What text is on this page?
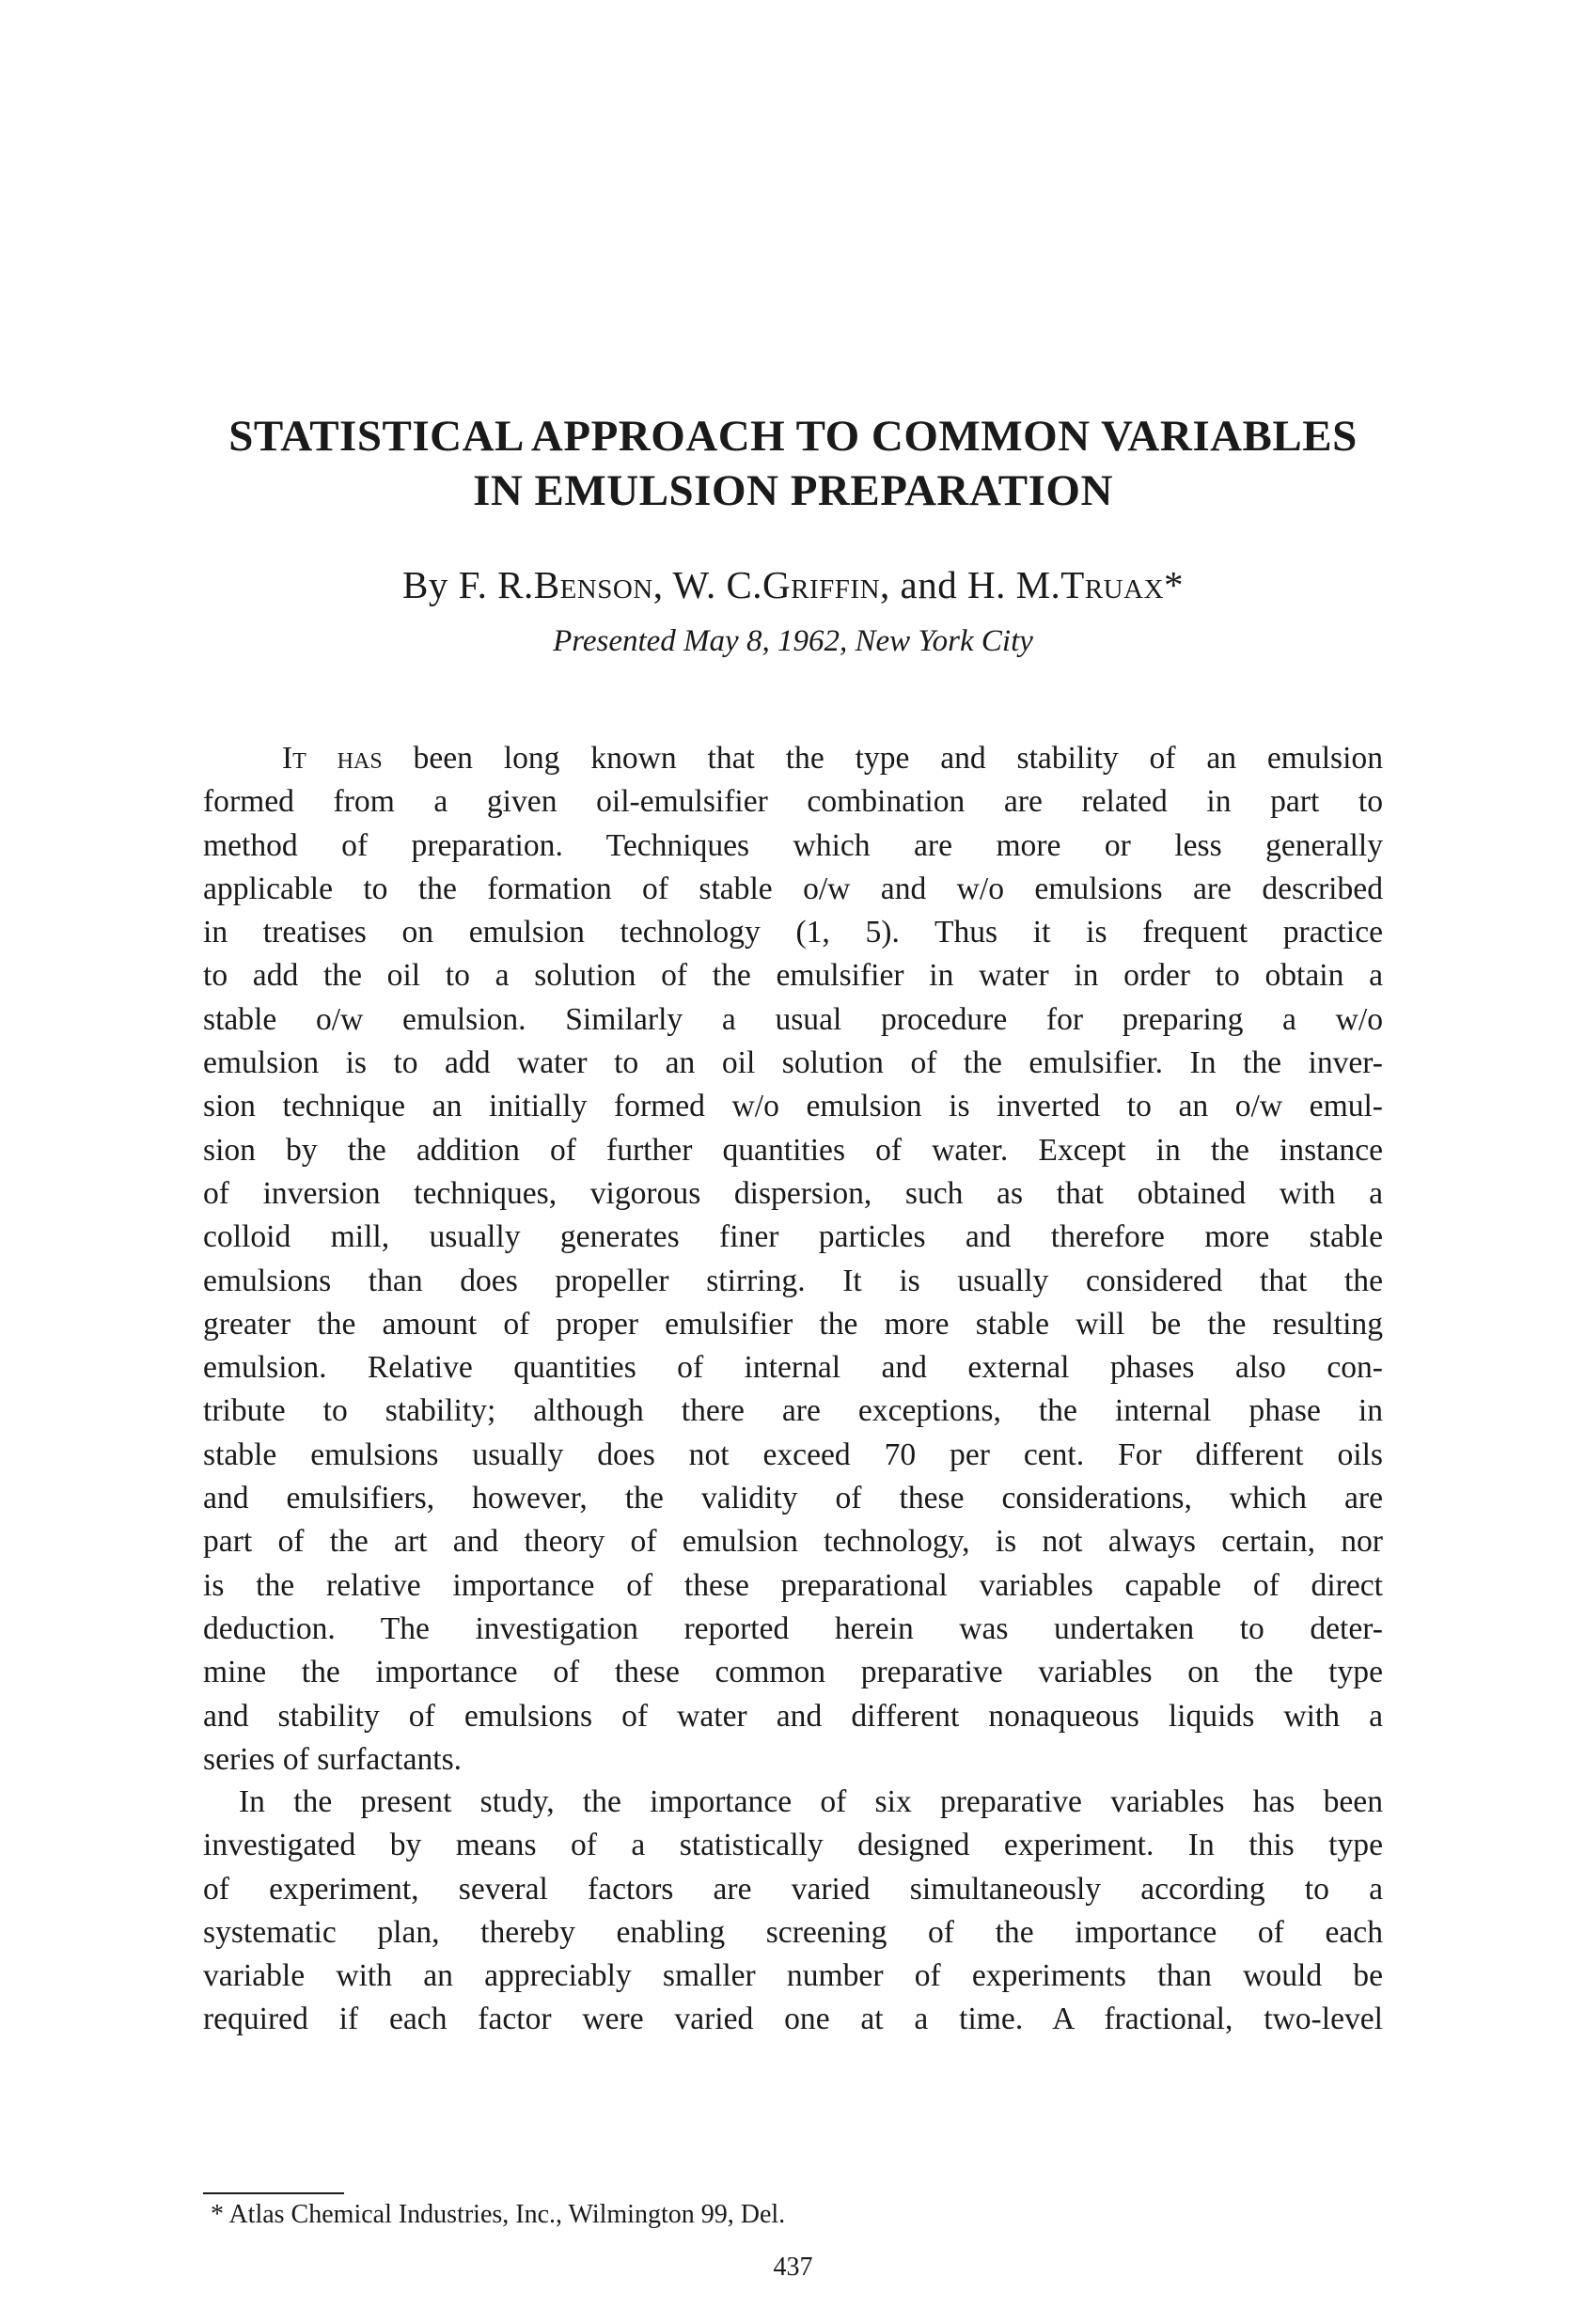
STATISTICAL APPROACH TO COMMON VARIABLES
IN EMULSION PREPARATION
By F. R.Benson, W. C.Griffin, and H. M.Truax*
Presented May 8, 1962, New York City
It has been long known that the type and stability of an emulsion
formed from a given oil-emulsifier combination are related in part to
method of preparation. Techniques which are more or less generally
applicable to the formation of stable o/w and w/o emulsions are described
in treatises on emulsion technology (1, 5). Thus it is frequent practice
to add the oil to a solution of the emulsifier in water in order to obtain a
stable o/w emulsion. Similarly a usual procedure for preparing a w/o
emulsion is to add water to an oil solution of the emulsifier. In the inver-
sion technique an initially formed w/o emulsion is inverted to an o/w emul-
sion by the addition of further quantities of water. Except in the instance
of inversion techniques, vigorous dispersion, such as that obtained with a
colloid mill, usually generates finer particles and therefore more stable
emulsions than does propeller stirring. It is usually considered that the
greater the amount of proper emulsifier the more stable will be the resulting
emulsion. Relative quantities of internal and external phases also con-
tribute to stability; although there are exceptions, the internal phase in
stable emulsions usually does not exceed 70 per cent. For different oils
and emulsifiers, however, the validity of these considerations, which are
part of the art and theory of emulsion technology, is not always certain, nor
is the relative importance of these preparational variables capable of direct
deduction. The investigation reported herein was undertaken to deter-
mine the importance of these common preparative variables on the type
and stability of emulsions of water and different nonaqueous liquids with a
series of surfactants.
In the present study, the importance of six preparative variables has been
investigated by means of a statistically designed experiment. In this type
of experiment, several factors are varied simultaneously according to a
systematic plan, thereby enabling screening of the importance of each
variable with an appreciably smaller number of experiments than would be
required if each factor were varied one at a time. A fractional, two-level
* Atlas Chemical Industries, Inc., Wilmington 99, Del.
437
